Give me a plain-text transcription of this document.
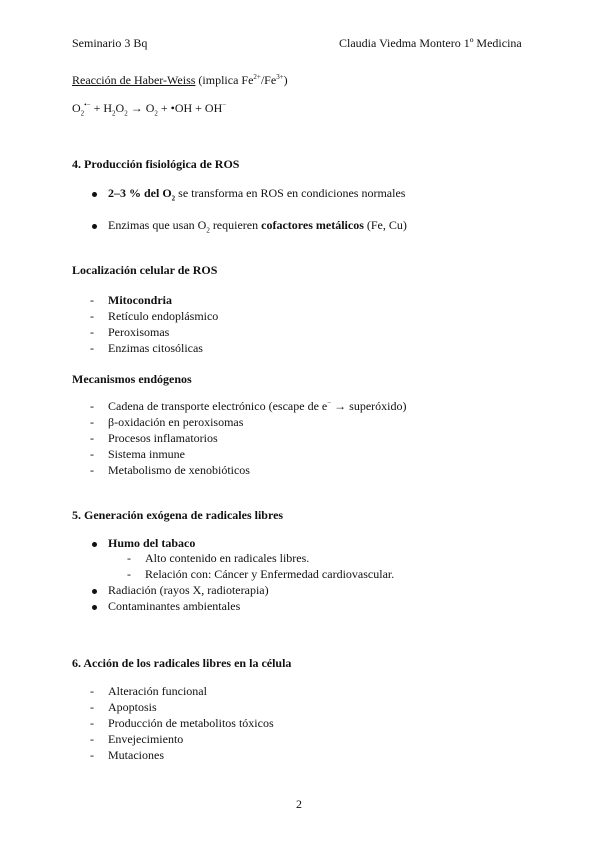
Seminario 3 Bq	Claudia Viedma Montero 1º Medicina
Reacción de Haber-Weiss (implica $Fe^{2+}/Fe^{3+}$)
$O_2^{•-} + H_2O_2 \to O_2$ + •OH + OH−
4. Producción fisiológica de ROS
2–3 % del $O_2$ se transforma en ROS en condiciones normales
Enzimas que usan $O_2$ requieren cofactores metálicos (Fe, Cu)
Localización celular de ROS
- Mitocondria
- Retículo endoplásmico
- Peroxisomas
- Enzimas citosólicas
Mecanismos endógenos
- Cadena de transporte electrónico (escape de e− → superóxido)
- β-oxidación en peroxisomas
- Procesos inflamatorios
- Sistema inmune
- Metabolismo de xenobióticos
5. Generación exógena de radicales libres
Humo del tabaco
- Alto contenido en radicales libres.
- Relación con: Cáncer y Enfermedad cardiovascular.
Radiación (rayos X, radioterapia)
Contaminantes ambientales
6. Acción de los radicales libres en la célula
- Alteración funcional
- Apoptosis
- Producción de metabolitos tóxicos
- Envejecimiento
- Mutaciones
2
